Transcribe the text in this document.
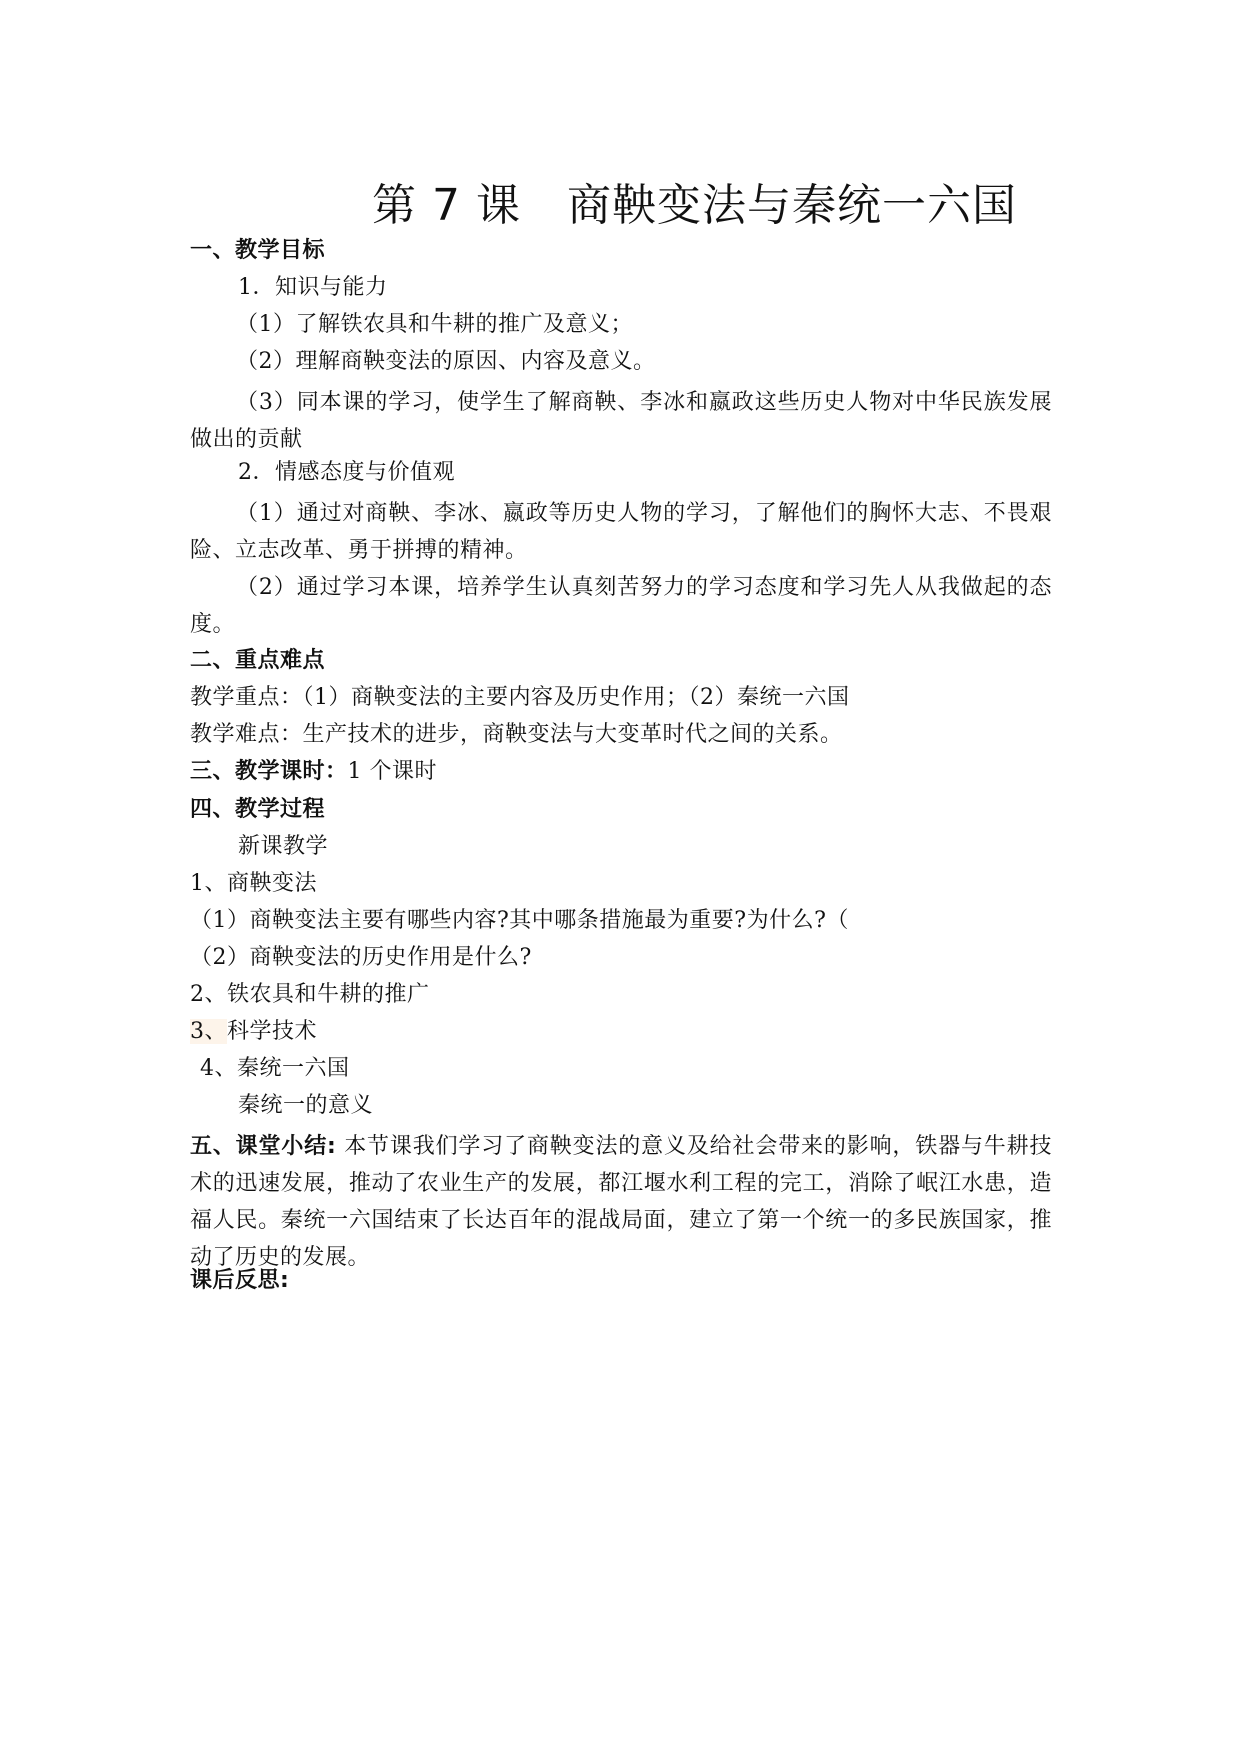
第 7 课 商鞅变法与秦统一六国
一、教学目标
1．知识与能力
（1）了解铁农具和牛耕的推广及意义；
（2）理解商鞅变法的原因、内容及意义。
（3）同本课的学习，使学生了解商鞅、李冰和嬴政这些历史人物对中华民族发展做出的贡献
2．情感态度与价值观
（1）通过对商鞅、李冰、嬴政等历史人物的学习，了解他们的胸怀大志、不畏艰险、立志改革、勇于拼搏的精神。
（2）通过学习本课，培养学生认真刻苦努力的学习态度和学习先人从我做起的态度。
二、重点难点
教学重点：（1）商鞅变法的主要内容及历史作用；（2）秦统一六国
教学难点：生产技术的进步，商鞅变法与大变革时代之间的关系。
三、教学课时：1 个课时
四、教学过程
新课教学
1、商鞅变法
（1）商鞅变法主要有哪些内容?其中哪条措施最为重要?为什么?（
（2）商鞅变法的历史作用是什么?
2、铁农具和牛耕的推广
3、科学技术
4、秦统一六国
秦统一的意义
五、课堂小结: 本节课我们学习了商鞅变法的意义及给社会带来的影响，铁器与牛耕技术的迅速发展，推动了农业生产的发展，都江堰水利工程的完工，消除了岷江水患，造福人民。秦统一六国结束了长达百年的混战局面，建立了第一个统一的多民族国家，推动了历史的发展。
课后反思:
